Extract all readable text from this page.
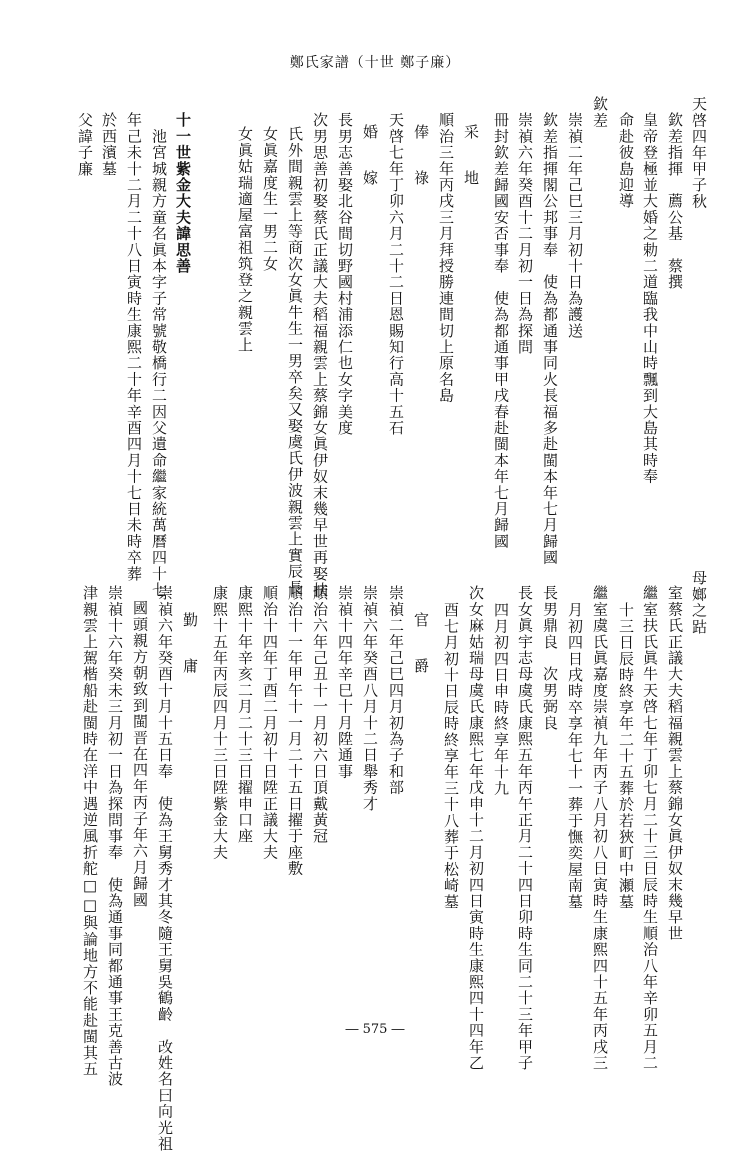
鄭氏家譜（十世 鄭子廉）
天啓四年甲子秋
欽差指揮　薦公基　蔡撰
皇帝登極並大婚之勅二道臨我中山時飄到大島其時奉
命赴彼島迎導
欽差
崇禎二年己巳三月初十日為護送
欽差指揮閣公邦事奉　使為都通事同火長福多赴閩本年七月歸國
崇禎六年癸酉十二月初一日為探問
冊封欽差歸國安否事奉　使為都通事甲戌春赴閩本年七月歸國
采　地
順治三年丙戌三月拜授勝連間切上原名島
俸　祿
天啓七年丁卯六月二十二日恩賜知行高十五石
婚　嫁
長男志善娶北谷間切野國村浦添仁也女字美度
次男思善初娶蔡氏正議大夫稻福親雲上蔡錦女眞伊奴末幾早世再娶扶
氏外間親雲上等商次女眞牛生一男卒矣又娶虞氏伊波親雲上實辰長
女眞嘉度生一男二女
女眞姑瑞適屋富祖筑登之親雲上
十一世紫金大夫諱思善
　池宮城親方童名眞本字子常號敬橋行二因父遺命繼家統萬曆四十七
年己未十二月二十八日寅時生康熙二十年辛酉四月十七日未時卒葬
於西濱墓
父諱子廉
母嫏之跍
室蔡氏正議大夫稻福親雲上蔡錦女眞伊奴末幾早世
繼室扶氏眞牛天啓七年丁卯七月二十三日辰時生順治八年辛卯五月二
十三日辰時終享年二十五葬於若狹町中瀬墓
繼室虞氏眞嘉度崇禎九年丙子八月初八日寅時生康熙四十五年丙戌三
月初四日戌時卒享年七十一葬于憮奕屋南墓
長男鼎良　次男弼良
長女眞宇志母虞氏康熙五年丙午正月二十四日卯時生同二十三年甲子
四月初四日申時終享年十九
次女麻姑瑞母虞氏康熙七年戊申十二月初四日寅時生康熙四十四年乙
酉七月初十日辰時終享年三十八葬于松崎墓
官　爵
崇禎二年己巳四月初為子和部
崇禎六年癸酉八月十二日舉秀才
崇禎十四年辛巳十月陞通事
順治六年己丑十一月初六日頂戴黃冠
順治十一年甲午十一月二十五日擢于座敷
順治十四年丁酉二月初十日陞正議大夫
康熙十年辛亥二月二十三日擢申口座
康熙十五年丙辰四月十三日陞紫金大夫
勤　庸
崇禎六年癸酉十月十五日奉　使為王舅秀才其冬隨王舅吳鶴齡　改姓名曰向光祖
國頭親方朝致到閩晋在四年丙子年六月歸國
崇禎十六年癸未三月初一日為探問事奉　使為通事同都通事王克善古波
津親雲上駕楷船赴閩時在洋中遇逆風折舵□□與論地方不能赴閩其五	― 575 ―
